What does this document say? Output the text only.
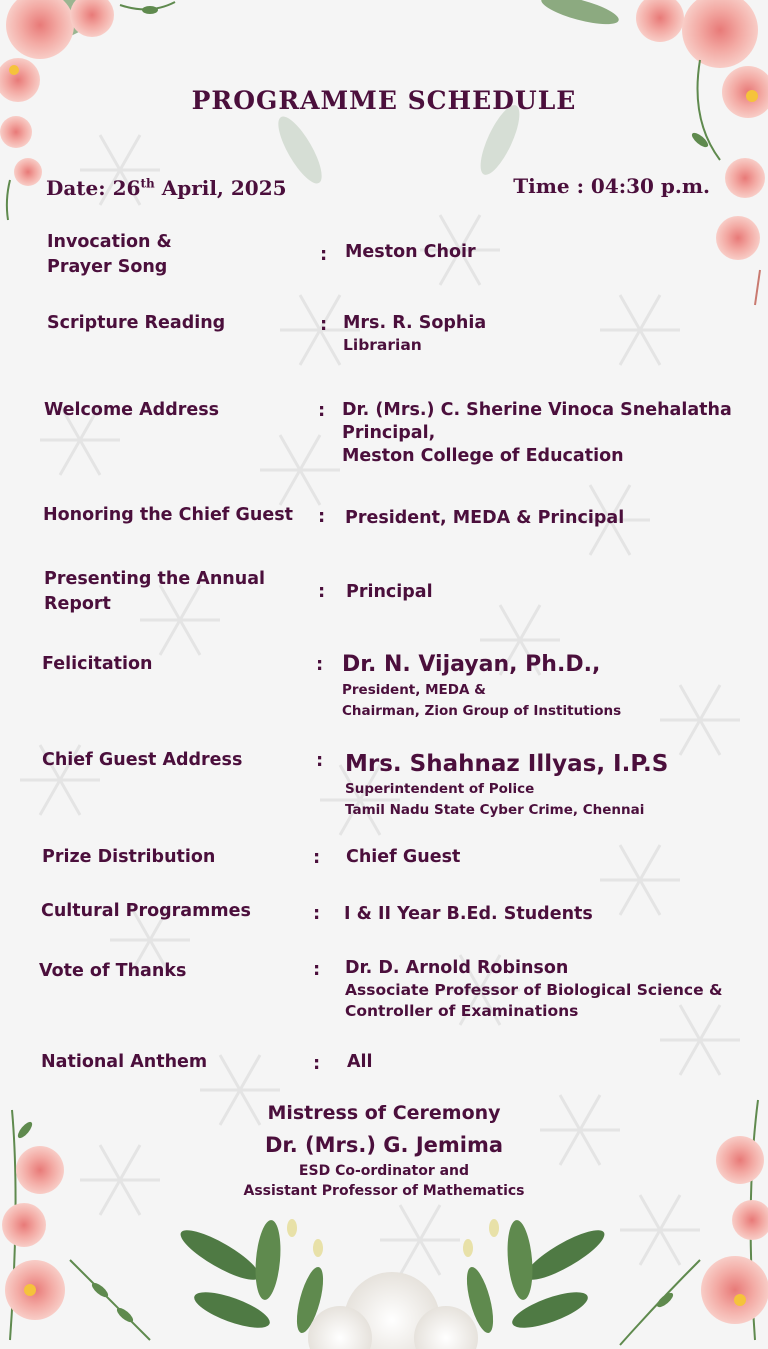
PROGRAMME SCHEDULE
Date: 26th April, 2025	Time : 04:30 p.m.
Invocation &
Prayer Song
: Meston Choir
Scripture Reading	: Mrs. R. Sophia
Librarian
Welcome Address	: Dr. (Mrs.) C. Sherine Vinoca Snehalatha
Principal,
Meston College of Education
Honoring the Chief Guest : President, MEDA & Principal
Presenting the Annual
Report
: Principal
Felicitation	: Dr. N. Vijayan, Ph.D.,
President, MEDA &
Chairman, Zion Group of Institutions
Chief Guest Address	: Mrs. Shahnaz Illyas, I.P.S
Superintendent of Police
Tamil Nadu State Cyber Crime, Chennai
Prize Distribution	: Chief Guest
Cultural Programmes	: I & II Year B.Ed. Students
Vote of Thanks	: Dr. D. Arnold Robinson
Associate Professor of Biological Science &
Controller of Examinations
National Anthem	: All
Mistress of Ceremony
Dr. (Mrs.) G. Jemima
ESD Co-ordinator and
Assistant Professor of Mathematics
